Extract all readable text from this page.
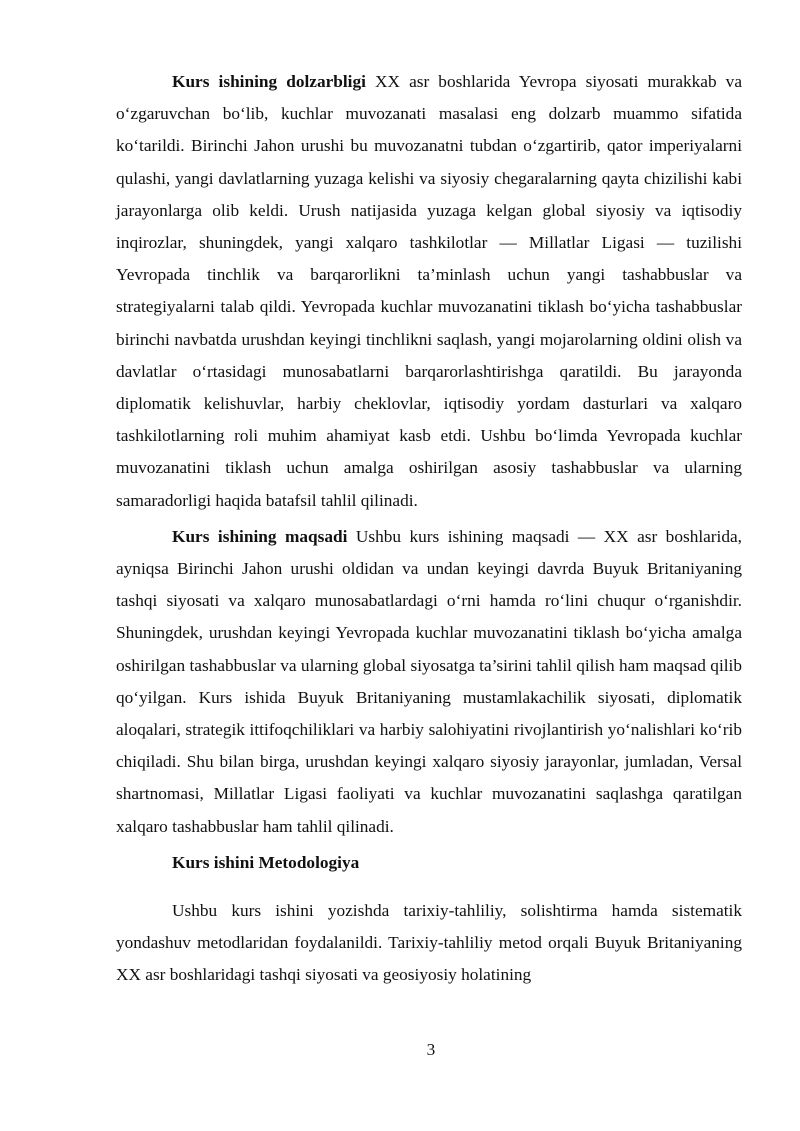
Kurs ishining dolzarbligi XX asr boshlarida Yevropa siyosati murakkab va o‘zgaruvchan bo‘lib, kuchlar muvozanati masalasi eng dolzarb muammo sifatida ko‘tarildi. Birinchi Jahon urushi bu muvozanatni tubdan o‘zgartirib, qator imperiyalarni qulashi, yangi davlatlarning yuzaga kelishi va siyosiy chegaralarning qayta chizilishi kabi jarayonlarga olib keldi. Urush natijasida yuzaga kelgan global siyosiy va iqtisodiy inqirozlar, shuningdek, yangi xalqaro tashkilotlar — Millatlar Ligasi — tuzilishi Yevropada tinchlik va barqarorlikni ta’minlash uchun yangi tashabbuslar va strategiyalarni talab qildi. Yevropada kuchlar muvozanatini tiklash bo‘yicha tashabbuslar birinchi navbatda urushdan keyingi tinchlikni saqlash, yangi mojarolarning oldini olish va davlatlar o‘rtasidagi munosabatlarni barqarorlashtirishga qaratildi. Bu jarayonda diplomatik kelishuvlar, harbiy cheklovlar, iqtisodiy yordam dasturlari va xalqaro tashkilotlarning roli muhim ahamiyat kasb etdi. Ushbu bo‘limda Yevropada kuchlar muvozanatini tiklash uchun amalga oshirilgan asosiy tashabbuslar va ularning samaradorligi haqida batafsil tahlil qilinadi.

Kurs ishining maqsadi Ushbu kurs ishining maqsadi — XX asr boshlarida, ayniqsa Birinchi Jahon urushi oldidan va undan keyingi davrda Buyuk Britaniyaning tashqi siyosati va xalqaro munosabatlardagi o‘rni hamda ro‘lini chuqur o‘rganishdir. Shuningdek, urushdan keyingi Yevropada kuchlar muvozanatini tiklash bo‘yicha amalga oshirilgan tashabbuslar va ularning global siyosatga ta’sirini tahlil qilish ham maqsad qilib qo‘yilgan. Kurs ishida Buyuk Britaniyaning mustamlakachilik siyosati, diplomatik aloqalari, strategik ittifoqchiliklari va harbiy salohiyatini rivojlantirish yo‘nalishlari ko‘rib chiqiladi. Shu bilan birga, urushdan keyingi xalqaro siyosiy jarayonlar, jumladan, Versal shartnomasi, Millatlar Ligasi faoliyati va kuchlar muvozanatini saqlashga qaratilgan xalqaro tashabbuslar ham tahlil qilinadi.

Kurs ishini Metodologiya

Ushbu kurs ishini yozishda tarixiy-tahliliy, solishtirma hamda sistematik yondashuv metodlaridan foydalanildi. Tarixiy-tahliliy metod orqali Buyuk Britaniyaning XX asr boshlaridagi tashqi siyosati va geosiyosiy holatining

3
